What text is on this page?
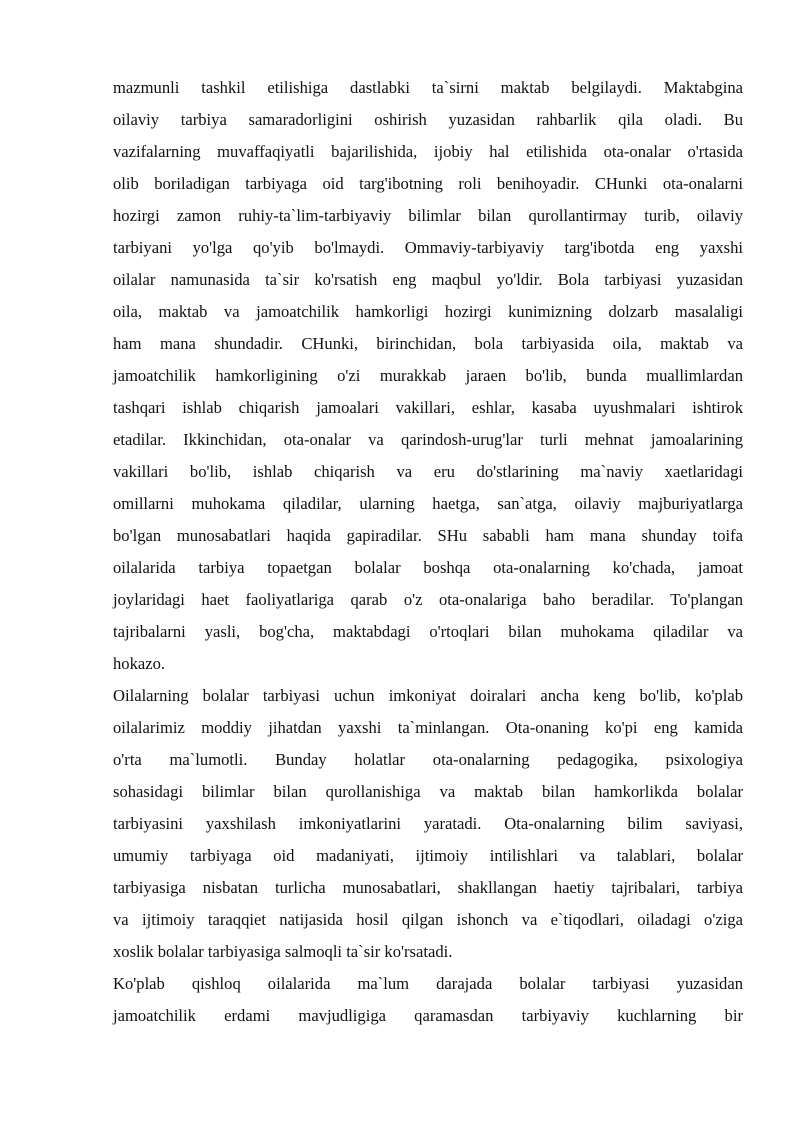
mazmunli tashkil etilishiga dastlabki ta`sirni maktab belgilaydi. Maktabgina
oilaviy tarbiya samaradorligini oshirish yuzasidan rahbarlik qila oladi. Bu
vazifalarning muvaffaqiyatli bajarilishida, ijobiy hal etilishida ota-onalar o'rtasida
olib boriladigan tarbiyaga oid targ'ibotning roli benihoyadir. CHunki ota-onalarni
hozirgi zamon ruhiy-ta`lim-tarbiyaviy bilimlar bilan qurollantirmay turib, oilaviy
tarbiyani yo'lga qo'yib bo'lmaydi. Ommaviy-tarbiyaviy targ'ibotda eng yaxshi
oilalar namunasida ta`sir ko'rsatish eng maqbul yo'ldir. Bola tarbiyasi yuzasidan
oila, maktab va jamoatchilik hamkorligi hozirgi kunimizning dolzarb masalaligi
ham mana shundadir. CHunki, birinchidan, bola tarbiyasida oila, maktab va
jamoatchilik hamkorligining o'zi murakkab jaraen bo'lib, bunda muallimlardan
tashqari ishlab chiqarish jamoalari vakillari, eshlar, kasaba uyushmalari ishtirok
etadilar. Ikkinchidan, ota-onalar va qarindosh-urug'lar turli mehnat jamoalarining
vakillari bo'lib, ishlab chiqarish va eru do'stlarining ma`naviy xaetlaridagi
omillarni muhokama qiladilar, ularning haetga, san`atga, oilaviy majburiyatlarga
bo'lgan munosabatlari haqida gapiradilar. SHu sababli ham mana shunday toifa
oilalarida tarbiya topaetgan bolalar boshqa ota-onalarning ko'chada, jamoat
joylaridagi haet faoliyatlariga qarab o'z ota-onalariga baho beradilar. To'plangan
tajribalarni yasli, bog'cha, maktabdagi o'rtoqlari bilan muhokama qiladilar va
hokazo.

Oilalarning bolalar tarbiyasi uchun imkoniyat doiralari ancha keng bo'lib, ko'plab
oilalarimiz moddiy jihatdan yaxshi ta`minlangan. Ota-onaning ko'pi eng kamida
o'rta ma`lumotli. Bunday holatlar ota-onalarning pedagogika, psixologiya
sohasidagi bilimlar bilan qurollanishiga va maktab bilan hamkorlikda bolalar
tarbiyasini yaxshilash imkoniyatlarini yaratadi. Ota-onalarning bilim saviyasi,
umumiy tarbiyaga oid madaniyati, ijtimoiy intilishlari va talablari, bolalar
tarbiyasiga nisbatan turlicha munosabatlari, shakllangan haetiy tajribalari, tarbiya
va ijtimoiy taraqqiet natijasida hosil qilgan ishonch va e`tiqodlari, oiladagi o'ziga
xoslik bolalar tarbiyasiga salmoqli ta`sir ko'rsatadi.

Ko'plab qishloq oilalarida ma`lum darajada bolalar tarbiyasi yuzasidan
jamoatchilik erdami mavjudligiga qaramasdan tarbiyaviy kuchlarning bir
